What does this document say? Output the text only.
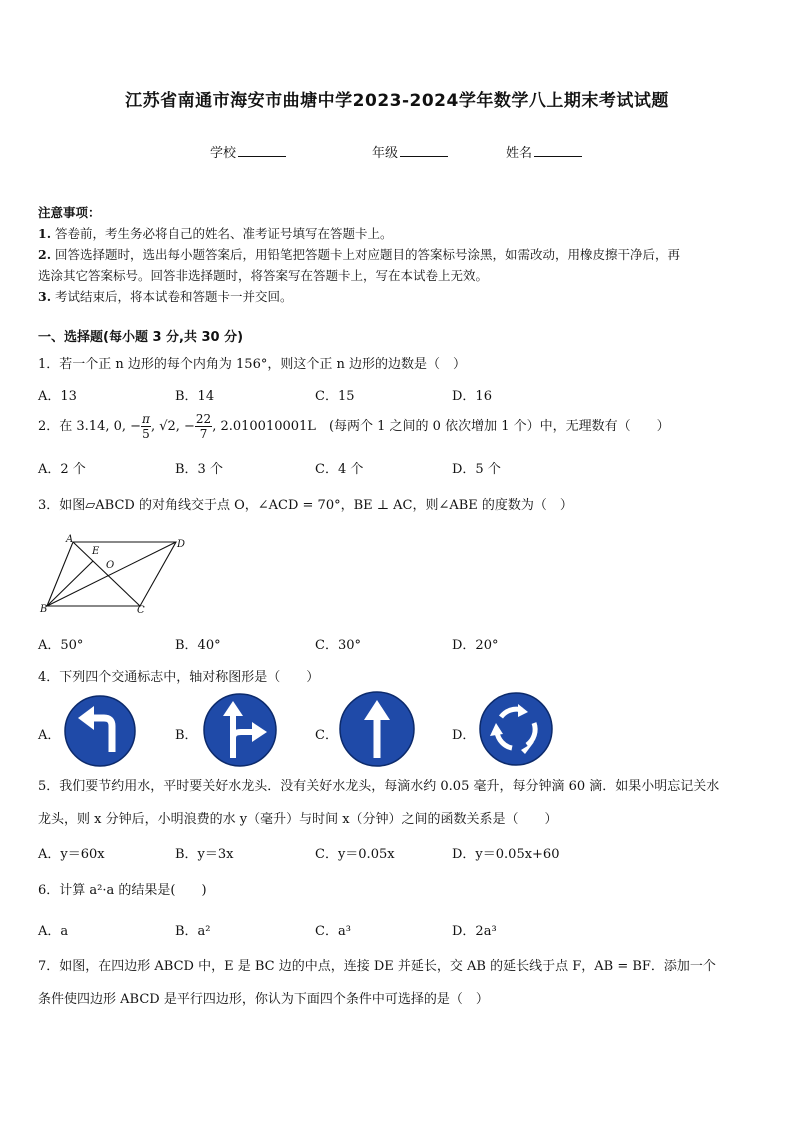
江苏省南通市海安市曲塘中学2023-2024学年数学八上期末考试试题
学校	年级	姓名
注意事项：
1. 答卷前，考生务必将自己的姓名、准考证号填写在答题卡上。
2. 回答选择题时，选出每小题答案后，用铅笔把答题卡上对应题目的答案标号涂黑，如需改动，用橡皮擦干净后，再
选涂其它答案标号。回答非选择题时，将答案写在答题卡上，写在本试卷上无效。
3. 考试结束后，将本试卷和答题卡一并交回。
一、选择题(每小题 3 分,共 30 分)
1．若一个正 n 边形的每个内角为 156°，则这个正 n 边形的边数是（　）
A．13	B．14	C．15	D．16
2．在 3.14, 0, − $\frac{\pi}{5}$ , √2, − $\frac{22}{7}$ , 2.010010001L　(每两个 1 之间的 0 依次增加 1 个）中，无理数有（　　）
A．2 个	B．3 个	C．4 个	D．5 个
3．如图▱ABCD 的对角线交于点 O，∠ACD = 70°，BE ⊥ AC，则∠ABE 的度数为（　）
A	D
B	C
E
O
A．50°	B．40°	C．30°	D．20°
4．下列四个交通标志中，轴对称图形是（　　）
A．	B．	C．	D．
5．我们要节约用水，平时要关好水龙头．没有关好水龙头，每滴水约 0.05 毫升，每分钟滴 60 滴．如果小明忘记关水
龙头，则 x 分钟后，小明浪费的水 y（毫升）与时间 x（分钟）之间的函数关系是（　　）
A．y＝60x	B．y＝3x	C．y＝0.05x	D．y＝0.05x+60
6．计算 a²·a 的结果是(　　)
A．a	B．a²	C．a³	D．2a³
7．如图，在四边形 ABCD 中，E 是 BC 边的中点，连接 DE 并延长，交 AB 的延长线于点 F，AB = BF．添加一个
条件使四边形 ABCD 是平行四边形，你认为下面四个条件中可选择的是（　）
